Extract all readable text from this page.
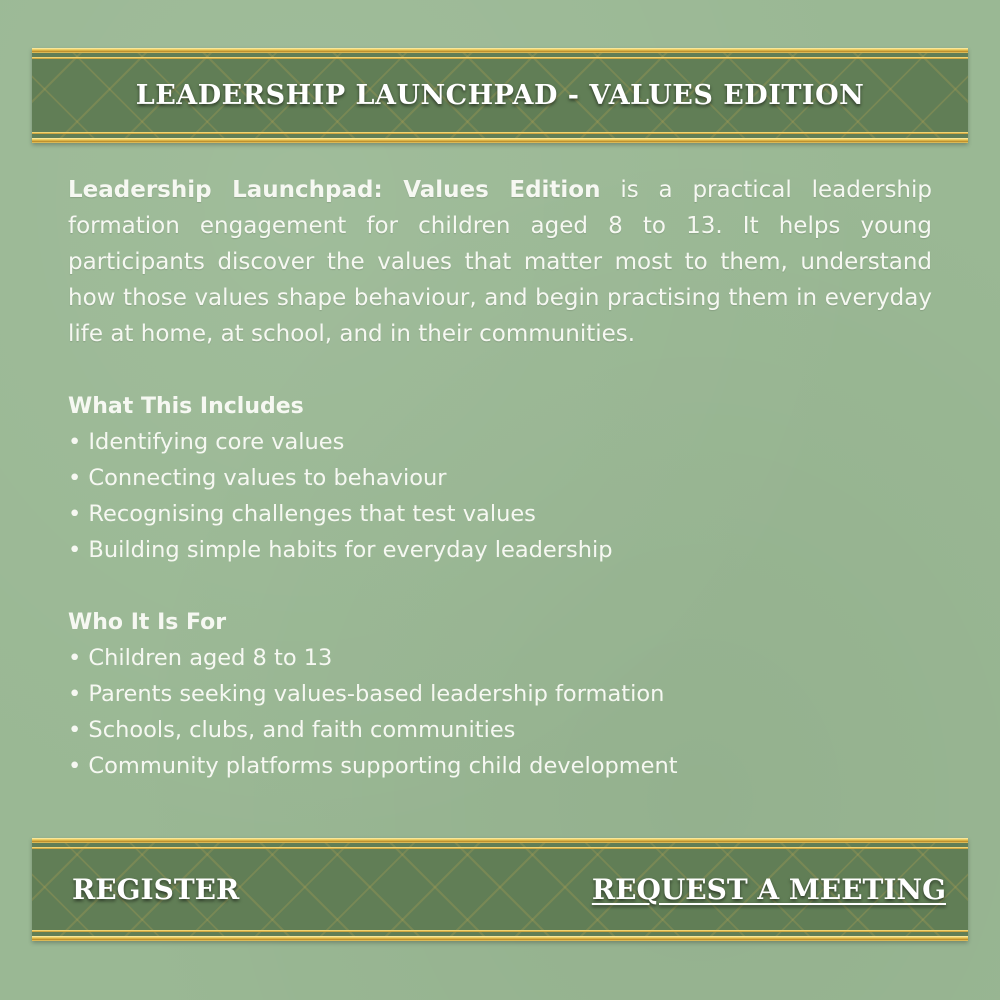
LEADERSHIP LAUNCHPAD - VALUES EDITION

Leadership Launchpad: Values Edition is a practical leadership formation engagement for children aged 8 to 13. It helps young participants discover the values that matter most to them, understand how those values shape behaviour, and begin practising them in everyday life at home, at school, and in their communities.

What This Includes
• Identifying core values
• Connecting values to behaviour
• Recognising challenges that test values
• Building simple habits for everyday leadership
Who It Is For
• Children aged 8 to 13
• Parents seeking values-based leadership formation
• Schools, clubs, and faith communities
• Community platforms supporting child development
REGISTER	REQUEST A MEETING
